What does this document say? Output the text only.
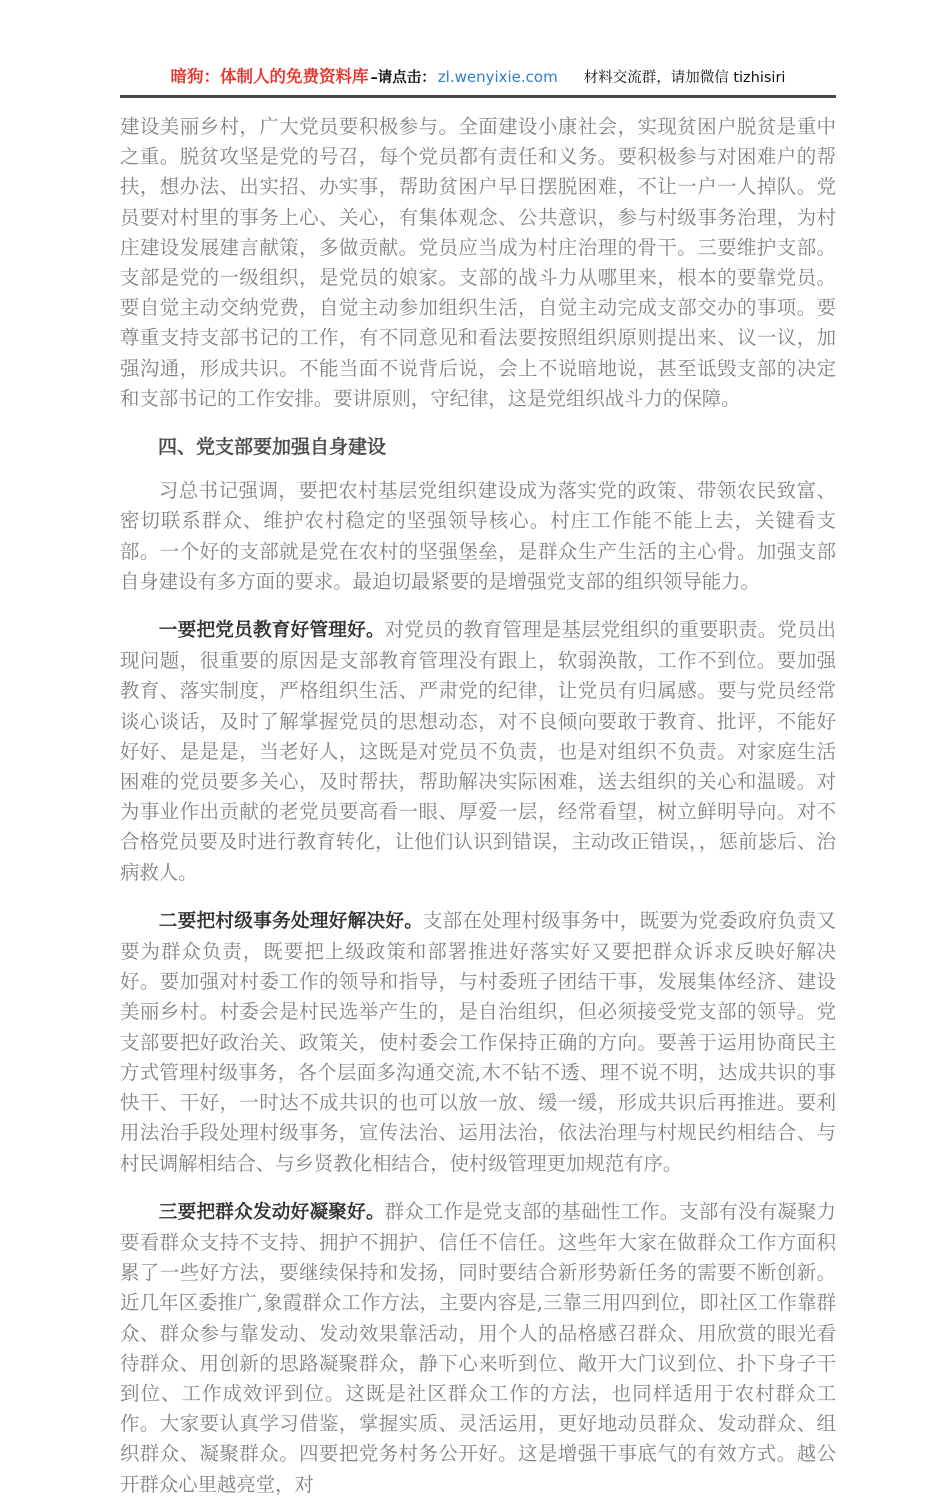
暗狗：体制人的免费资料库 –请点击： zl.wenyixie.com 材料交流群，请加微信 tizhisiri

建设美丽乡村，广大党员要积极参与。全面建设小康社会，实现贫困户脱贫是重中之重。脱贫攻坚是党的号召，每个党员都有责任和义务。要积极参与对困难户的帮扶，想办法、出实招、办实事，帮助贫困户早日摆脱困难，不让一户一人掉队。党员要对村里的事务上心、关心，有集体观念、公共意识，参与村级事务治理，为村庄建设发展建言献策，多做贡献。党员应当成为村庄治理的骨干。三要维护支部。支部是党的一级组织，是党员的娘家。支部的战斗力从哪里来，根本的要靠党员。要自觉主动交纳党费，自觉主动参加组织生活，自觉主动完成支部交办的事项。要尊重支持支部书记的工作，有不同意见和看法要按照组织原则提出来、议一议，加强沟通，形成共识。不能当面不说背后说，会上不说暗地说，甚至诋毁支部的决定和支部书记的工作安排。要讲原则，守纪律，这是党组织战斗力的保障。

四、党支部要加强自身建设

习总书记强调，要把农村基层党组织建设成为落实党的政策、带领农民致富、密切联系群众、维护农村稳定的坚强领导核心。村庄工作能不能上去，关键看支部。一个好的支部就是党在农村的坚强堡垒，是群众生产生活的主心骨。加强支部自身建设有多方面的要求。最迫切最紧要的是增强党支部的组织领导能力。

一要把党员教育好管理好。对党员的教育管理是基层党组织的重要职责。党员出现问题，很重要的原因是支部教育管理没有跟上，软弱涣散，工作不到位。要加强教育、落实制度，严格组织生活、严肃党的纪律，让党员有归属感。要与党员经常谈心谈话，及时了解掌握党员的思想动态，对不良倾向要敢于教育、批评，不能好好好、是是是，当老好人，这既是对党员不负责，也是对组织不负责。对家庭生活困难的党员要多关心，及时帮扶，帮助解决实际困难，送去组织的关心和温暖。对为事业作出贡献的老党员要高看一眼、厚爱一层，经常看望，树立鲜明导向。对不合格党员要及时进行教育转化，让他们认识到错误，主动改正错误，，惩前毖后、治病救人。

二要把村级事务处理好解决好。支部在处理村级事务中，既要为党委政府负责又要为群众负责，既要把上级政策和部署推进好落实好又要把群众诉求反映好解决好。要加强对村委工作的领导和指导，与村委班子团结干事，发展集体经济、建设美丽乡村。村委会是村民选举产生的，是自治组织，但必须接受党支部的领导。党支部要把好政治关、政策关，使村委会工作保持正确的方向。要善于运用协商民主方式管理村级事务，各个层面多沟通交流,木不钻不透、理不说不明，达成共识的事快干、干好，一时达不成共识的也可以放一放、缓一缓，形成共识后再推进。要利用法治手段处理村级事务，宣传法治、运用法治，依法治理与村规民约相结合、与村民调解相结合、与乡贤教化相结合，使村级管理更加规范有序。

三要把群众发动好凝聚好。群众工作是党支部的基础性工作。支部有没有凝聚力要看群众支持不支持、拥护不拥护、信任不信任。这些年大家在做群众工作方面积累了一些好方法，要继续保持和发扬，同时要结合新形势新任务的需要不断创新。近几年区委推广,象霞群众工作方法，主要内容是,三靠三用四到位，即社区工作靠群众、群众参与靠发动、发动效果靠活动，用个人的品格感召群众、用欣赏的眼光看待群众、用创新的思路凝聚群众，静下心来听到位、敞开大门议到位、扑下身子干到位、工作成效评到位。这既是社区群众工作的方法，也同样适用于农村群众工作。大家要认真学习借鉴，掌握实质、灵活运用，更好地动员群众、发动群众、组织群众、凝聚群众。四要把党务村务公开好。这是增强干事底气的有效方式。越公开群众心里越亮堂，对
